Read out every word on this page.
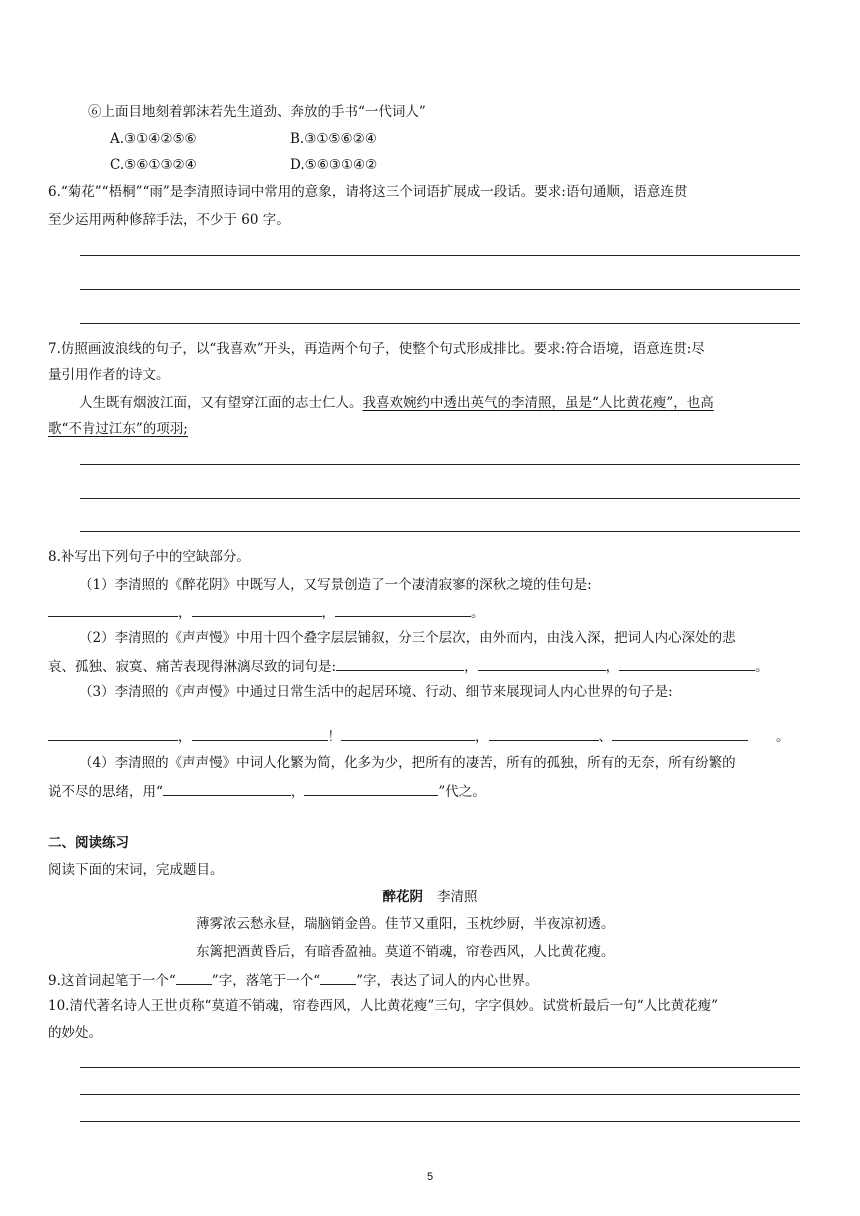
⑥上面目地刻着郭沫若先生道劲、奔放的手书“一代词人”
A.③①④②⑤⑥	B.③①⑤⑥②④
C.⑤⑥①③②④	D.⑤⑥③①④②
6.“菊花”“梧桐”“雨”是李清照诗词中常用的意象，请将这三个词语扩展成一段话。要求:语句通顺，语意连贯
至少运用两种修辞手法，不少于 60 字。
7.仿照画波浪线的句子，以“我喜欢”开头，再造两个句子，使整个句式形成排比。要求:符合语境，语意连贯:尽
量引用作者的诗文。
人生既有烟波江面，又有望穿江面的志士仁人。我喜欢婉约中透出英气的李清照，虽是“人比黄花瘦”，也高
歌“不肯过江东”的项羽;
8.补写出下列句子中的空缺部分。
（1）李清照的《醉花阴》中既写人，又写景创造了一个凄清寂寥的深秋之境的佳句是:
，	，	。
（2）李清照的《声声慢》中用十四个叠字层层铺叙，分三个层次，由外而内，由浅入深，把词人内心深处的悲
哀、孤独、寂寞、痛苦表现得淋漓尽致的词句是:	，	，	。
（3）李清照的《声声慢》中通过日常生活中的起居环境、行动、细节来展现词人内心世界的句子是:
，	！	，	、	。
（4）李清照的《声声慢》中词人化繁为简，化多为少，把所有的凄苦，所有的孤独，所有的无奈，所有纷繁的
说不尽的思绪，用“	，	”代之。
二、阅读练习
阅读下面的宋词，完成题目。
醉花阴 李清照
薄雾浓云愁永昼，瑞脑销金兽。佳节又重阳，玉枕纱厨，半夜凉初透。
东篱把酒黄昏后，有暗香盈袖。莫道不销魂，帘卷西风，人比黄花瘦。
9.这首词起笔于一个“	”字，落笔于一个“	”字，表达了词人的内心世界。
10.清代著名诗人王世贞称“莫道不销魂，帘卷西风，人比黄花瘦”三句，字字俱妙。试赏析最后一句“人比黄花瘦”
的妙处。
5
